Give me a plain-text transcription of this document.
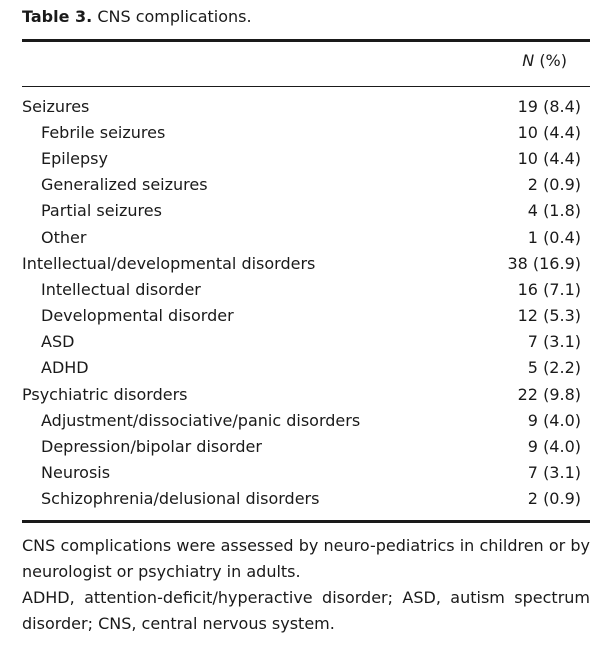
Table 3. CNS complications.
N (%)
Seizures	19 (8.4)
Febrile seizures	10 (4.4)
Epilepsy	10 (4.4)
Generalized seizures	2 (0.9)
Partial seizures	4 (1.8)
Other	1 (0.4)
Intellectual/developmental disorders	38 (16.9)
Intellectual disorder	16 (7.1)
Developmental disorder	12 (5.3)
ASD	7 (3.1)
ADHD	5 (2.2)
Psychiatric disorders	22 (9.8)
Adjustment/dissociative/panic disorders	9 (4.0)
Depression/bipolar disorder	9 (4.0)
Neurosis	7 (3.1)
Schizophrenia/delusional disorders	2 (0.9)
CNS complications were assessed by neuro-pediatrics in children or by neurologist or psychiatry in adults.
ADHD, attention-deficit/hyperactive disorder; ASD, autism spectrum disorder; CNS, central nervous system.
